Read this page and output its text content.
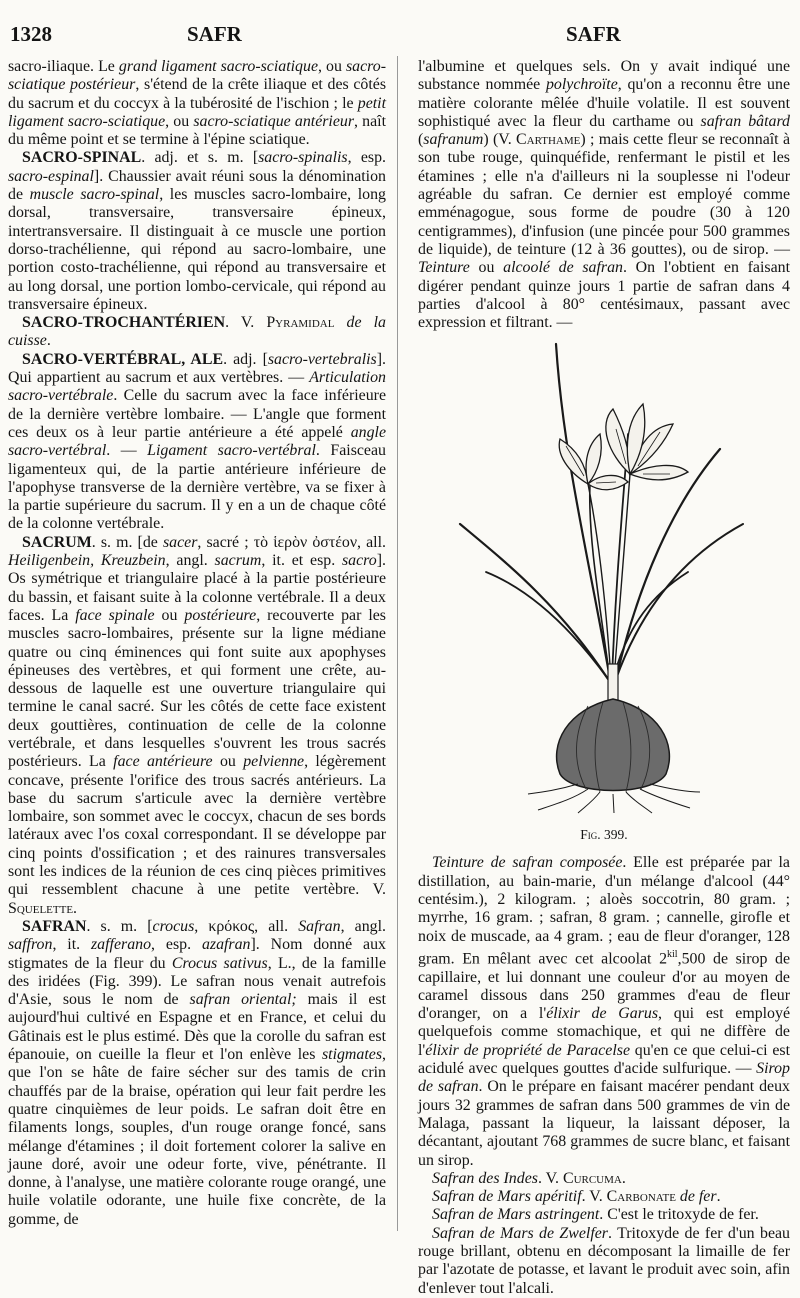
1328	SAFR	SAFR

sacro-iliaque. Le grand ligament sacro-sciatique, ou sacro-sciatique postérieur, s'étend de la crête iliaque et des côtés du sacrum et du coccyx à la tubérosité de l'ischion ; le petit ligament sacro-sciatique, ou sacro-sciatique antérieur, naît du même point et se termine à l'épine sciatique.

SACRO-SPINAL. adj. et s. m. [sacro-spinalis, esp. sacro-espinal]. Chaussier avait réuni sous la dénomination de muscle sacro-spinal, les muscles sacro-lombaire, long dorsal, transversaire, transversaire épineux, intertransversaire. Il distinguait à ce muscle une portion dorso-trachélienne, qui répond au sacro-lombaire, une portion costo-trachélienne, qui répond au transversaire et au long dorsal, une portion lombo-cervicale, qui répond au transversaire épineux.

SACRO-TROCHANTÉRIEN. V. Pyramidal de la cuisse.

SACRO-VERTÉBRAL, ALE. adj. [sacro-vertebralis]. Qui appartient au sacrum et aux vertèbres. — Articulation sacro-vertébrale. Celle du sacrum avec la face inférieure de la dernière vertèbre lombaire. — L'angle que forment ces deux os à leur partie antérieure a été appelé angle sacro-vertébral. — Ligament sacro-vertébral. Faisceau ligamenteux qui, de la partie antérieure inférieure de l'apophyse transverse de la dernière vertèbre, va se fixer à la partie supérieure du sacrum. Il y en a un de chaque côté de la colonne vertébrale.

SACRUM. s. m. [de sacer, sacré ; τὸ ἱερὸν ὀστέον, all. Heiligenbein, Kreuzbein, angl. sacrum, it. et esp. sacro]. Os symétrique et triangulaire placé à la partie postérieure du bassin, et faisant suite à la colonne vertébrale. Il a deux faces. La face spinale ou postérieure, recouverte par les muscles sacro-lombaires, présente sur la ligne médiane quatre ou cinq éminences qui font suite aux apophyses épineuses des vertèbres, et qui forment une crête, au-dessous de laquelle est une ouverture triangulaire qui termine le canal sacré. Sur les côtés de cette face existent deux gouttières, continuation de celle de la colonne vertébrale, et dans lesquelles s'ouvrent les trous sacrés postérieurs. La face antérieure ou pelvienne, légèrement concave, présente l'orifice des trous sacrés antérieurs. La base du sacrum s'articule avec la dernière vertèbre lombaire, son sommet avec le coccyx, chacun de ses bords latéraux avec l'os coxal correspondant. Il se développe par cinq points d'ossification ; et des rainures transversales sont les indices de la réunion de ces cinq pièces primitives qui ressemblent chacune à une petite vertèbre. V. Squelette.

SAFRAN. s. m. [crocus, κρόκος, all. Safran, angl. saffron, it. zafferano, esp. azafran]. Nom donné aux stigmates de la fleur du Crocus sativus, L., de la famille des iridées (Fig. 399). Le safran nous venait autrefois d'Asie, sous le nom de safran oriental; mais il est aujourd'hui cultivé en Espagne et en France, et celui du Gâtinais est le plus estimé. Dès que la corolle du safran est épanouie, on cueille la fleur et l'on enlève les stigmates, que l'on se hâte de faire sécher sur des tamis de crin chauffés par de la braise, opération qui leur fait perdre les quatre cinquièmes de leur poids. Le safran doit être en filaments longs, souples, d'un rouge orange foncé, sans mélange d'étamines ; il doit fortement colorer la salive en jaune doré, avoir une odeur forte, vive, pénétrante. Il donne, à l'analyse, une matière colorante rouge orangé, une huile volatile odorante, une huile fixe concrète, de la gomme, de

l'albumine et quelques sels. On y avait indiqué une substance nommée polychroïte, qu'on a reconnu être une matière colorante mêlée d'huile volatile. Il est souvent sophistiqué avec la fleur du carthame ou safran bâtard (safranum) (V. Carthame) ; mais cette fleur se reconnaît à son tube rouge, quinquéfide, renfermant le pistil et les étamines ; elle n'a d'ailleurs ni la souplesse ni l'odeur agréable du safran. Ce dernier est employé comme emménagogue, sous forme de poudre (30 à 120 centigrammes), d'infusion (une pincée pour 500 grammes de liquide), de teinture (12 à 36 gouttes), ou de sirop. — Teinture ou alcoolé de safran. On l'obtient en faisant digérer pendant quinze jours 1 partie de safran dans 4 parties d'alcool à 80° centésimaux, passant avec expression et filtrant. —

Fig. 399.

Teinture de safran composée. Elle est préparée par la distillation, au bain-marie, d'un mélange d'alcool (44° centésim.), 2 kilogram. ; aloès soccotrin, 80 gram. ; myrrhe, 16 gram. ; safran, 8 gram. ; cannelle, girofle et noix de muscade, aa 4 gram. ; eau de fleur d'oranger, 128 gram. En mêlant avec cet alcoolat $2^{kil},500$ de sirop de capillaire, et lui donnant une couleur d'or au moyen de caramel dissous dans 250 grammes d'eau de fleur d'oranger, on a l'élixir de Garus, qui est employé quelquefois comme stomachique, et qui ne diffère de l'élixir de propriété de Paracelse qu'en ce que celui-ci est acidulé avec quelques gouttes d'acide sulfurique. — Sirop de safran. On le prépare en faisant macérer pendant deux jours 32 grammes de safran dans 500 grammes de vin de Malaga, passant la liqueur, la laissant déposer, la décantant, ajoutant 768 grammes de sucre blanc, et faisant un sirop.

Safran des Indes. V. Curcuma.

Safran de Mars apéritif. V. Carbonate de fer.

Safran de Mars astringent. C'est le tritoxyde de fer.

Safran de Mars de Zwelfer. Tritoxyde de fer d'un beau rouge brillant, obtenu en décomposant la limaille de fer par l'azotate de potasse, et lavant le produit avec soin, afin d'enlever tout l'alcali.
